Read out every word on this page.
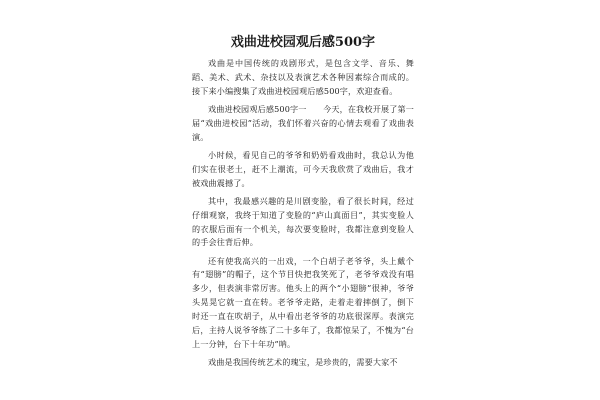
戏曲进校园观后感500字

戏曲是中国传统的戏剧形式，是包含文学、音乐、舞蹈、美术、武术、杂技以及表演艺术各种因素综合而成的。接下来小编搜集了戏曲进校园观后感500字，欢迎查看。

戏曲进校园观后感500字一　　今天，在我校开展了第一届“戏曲进校园”活动，我们怀着兴奋的心情去观看了戏曲表演。

小时候，看见自己的爷爷和奶奶看戏曲时，我总认为他们实在很老土，赶不上潮流，可今天我欣赏了戏曲后，我才被戏曲震撼了。

其中，我最感兴趣的是川剧变脸，看了很长时间，经过仔细观察，我终于知道了变脸的“庐山真面目”，其实变脸人的衣服后面有一个机关，每次要变脸时，我都注意到变脸人的手会往背后伸。

还有使我高兴的一出戏，一个白胡子老爷爷，头上戴个有“翅膀”的帽子，这个节目快把我笑死了，老爷爷戏没有唱多少，但表演非常厉害。他头上的两个“小翅膀”很神，爷爷头晃晃它就一直在转。老爷爷走路，走着走着摔倒了，倒下时还一直在吹胡子，从中看出老爷爷的功底很深厚。表演完后，主持人说爷爷练了二十多年了，我都惊呆了，不愧为“台上一分钟，台下十年功”呐。

戏曲是我国传统艺术的瑰宝，是珍贵的，需要大家不
